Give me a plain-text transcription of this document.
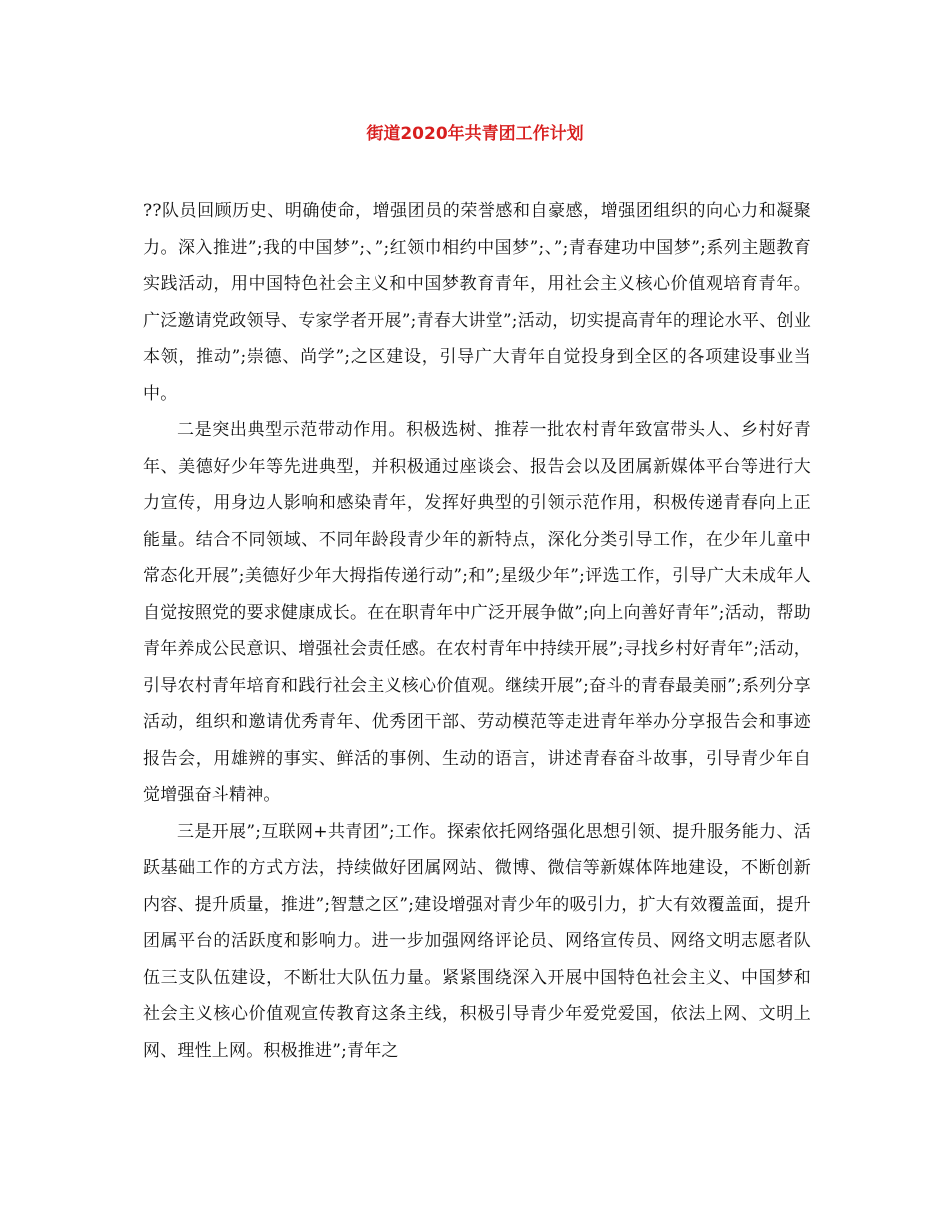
街道2020年共青团工作计划

??队员回顾历史、明确使命，增强团员的荣誉感和自豪感，增强团组织的向心力和凝聚力。深入推进”;我的中国梦”;、”;红领巾相约中国梦”;、”;青春建功中国梦”;系列主题教育实践活动，用中国特色社会主义和中国梦教育青年，用社会主义核心价值观培育青年。广泛邀请党政领导、专家学者开展”;青春大讲堂”;活动，切实提高青年的理论水平、创业本领，推动”;崇德、尚学”;之区建设，引导广大青年自觉投身到全区的各项建设事业当中。

二是突出典型示范带动作用。积极选树、推荐一批农村青年致富带头人、乡村好青年、美德好少年等先进典型，并积极通过座谈会、报告会以及团属新媒体平台等进行大力宣传，用身边人影响和感染青年，发挥好典型的引领示范作用，积极传递青春向上正能量。结合不同领域、不同年龄段青少年的新特点，深化分类引导工作，在少年儿童中常态化开展”;美德好少年大拇指传递行动”;和”;星级少年”;评选工作，引导广大未成年人自觉按照党的要求健康成长。在在职青年中广泛开展争做”;向上向善好青年”;活动，帮助青年养成公民意识、增强社会责任感。在农村青年中持续开展”;寻找乡村好青年”;活动，引导农村青年培育和践行社会主义核心价值观。继续开展”;奋斗的青春最美丽”;系列分享活动，组织和邀请优秀青年、优秀团干部、劳动模范等走进青年举办分享报告会和事迹报告会，用雄辨的事实、鲜活的事例、生动的语言，讲述青春奋斗故事，引导青少年自觉增强奋斗精神。

三是开展”;互联网+共青团”;工作。探索依托网络强化思想引领、提升服务能力、活跃基础工作的方式方法，持续做好团属网站、微博、微信等新媒体阵地建设，不断创新内容、提升质量，推进”;智慧之区”;建设增强对青少年的吸引力，扩大有效覆盖面，提升团属平台的活跃度和影响力。进一步加强网络评论员、网络宣传员、网络文明志愿者队伍三支队伍建设，不断壮大队伍力量。紧紧围绕深入开展中国特色社会主义、中国梦和社会主义核心价值观宣传教育这条主线，积极引导青少年爱党爱国，依法上网、文明上网、理性上网。积极推进”;青年之
